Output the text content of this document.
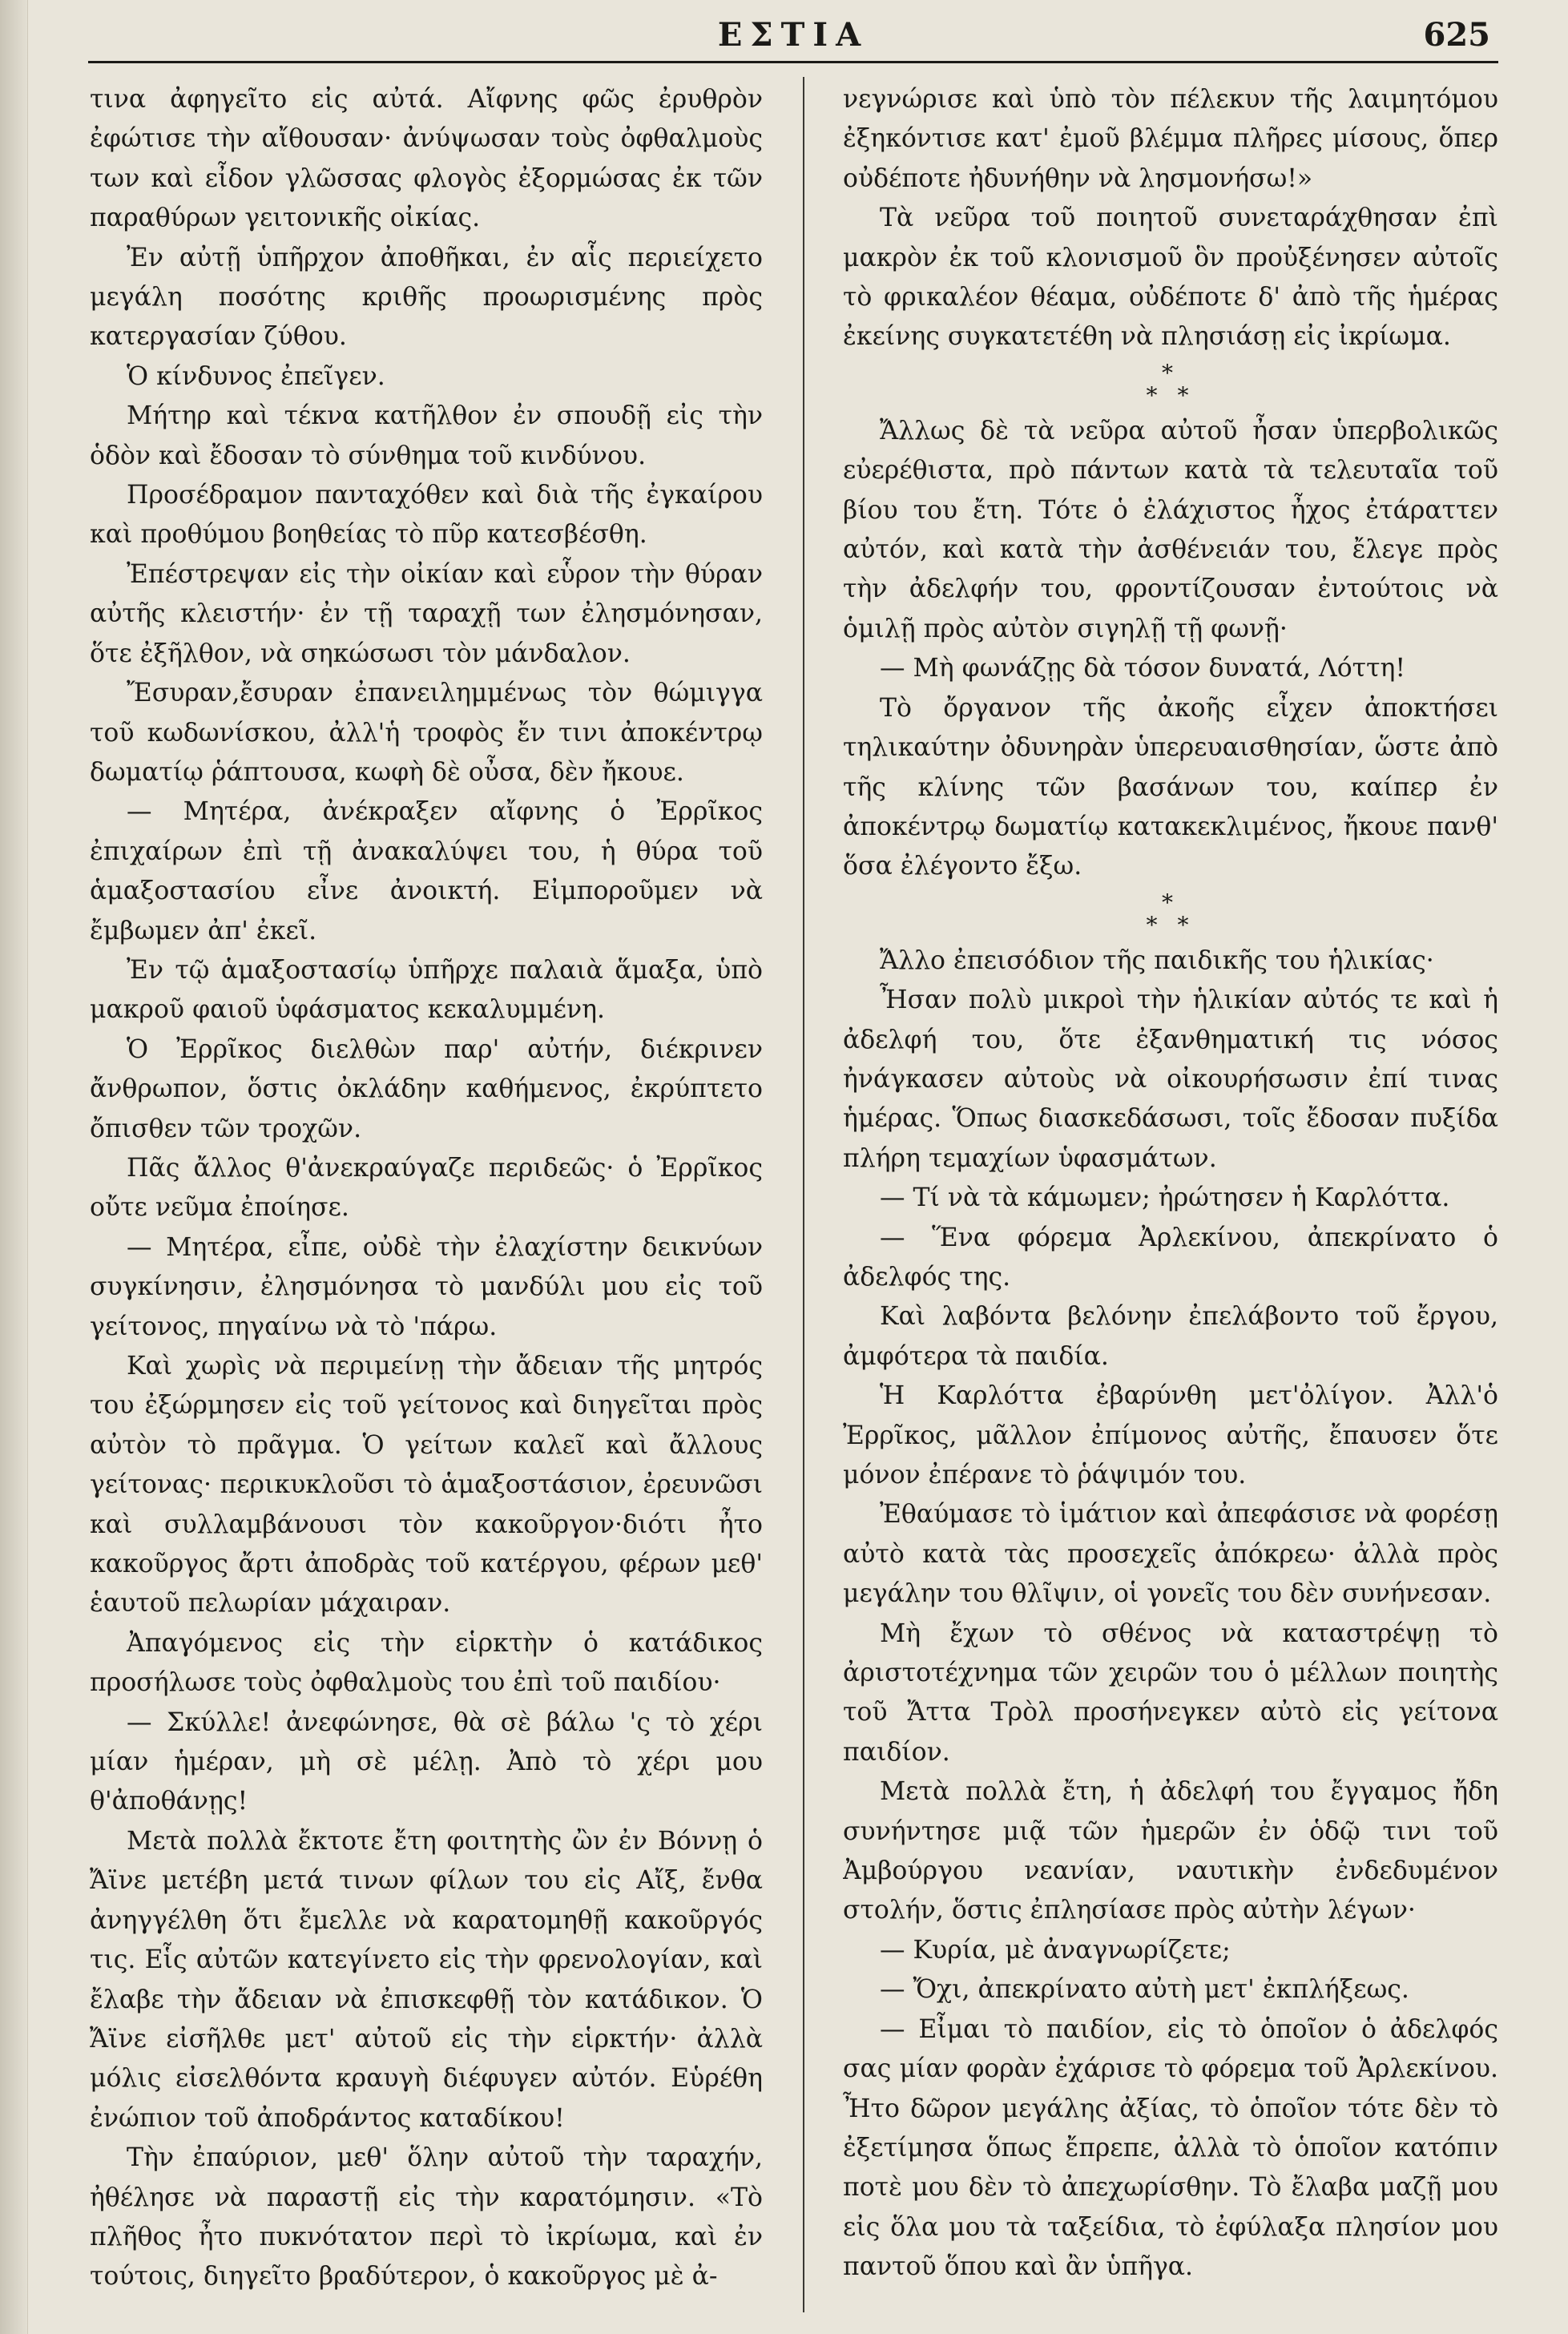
ΕΣΤΙΑ	625

τινα ἀφηγεῖτο εἰς αὐτά. Αἴφνης φῶς ἐρυθρὸν ἐφώτισε τὴν αἴθουσαν· ἀνύψωσαν τοὺς ὀφθαλμοὺς των καὶ εἶδον γλῶσσας φλογὸς ἐξορμώσας ἐκ τῶν παραθύρων γειτονικῆς οἰκίας.

Ἐν αὐτῇ ὑπῆρχον ἀποθῆκαι, ἐν αἷς περιείχετο μεγάλη ποσότης κριθῆς προωρισμένης πρὸς κατεργασίαν ζύθου.

Ὁ κίνδυνος ἐπεῖγεν.

Μήτηρ καὶ τέκνα κατῆλθον ἐν σπουδῇ εἰς τὴν ὁδὸν καὶ ἔδοσαν τὸ σύνθημα τοῦ κινδύνου.

Προσέδραμον πανταχόθεν καὶ διὰ τῆς ἐγκαίρου καὶ προθύμου βοηθείας τὸ πῦρ κατεσβέσθη.

Ἐπέστρεψαν εἰς τὴν οἰκίαν καὶ εὗρον τὴν θύραν αὐτῆς κλειστήν· ἐν τῇ ταραχῇ των ἐλησμόνησαν, ὅτε ἐξῆλθον, νὰ σηκώσωσι τὸν μάνδαλον.

Ἔσυραν,ἔσυραν ἐπανειλημμένως τὸν θώμιγγα τοῦ κωδωνίσκου, ἀλλ'ἡ τροφὸς ἔν τινι ἀποκέντρῳ δωματίῳ ῥάπτουσα, κωφὴ δὲ οὖσα, δὲν ἤκουε.

— Μητέρα, ἀνέκραξεν αἴφνης ὁ Ἐρρῖκος ἐπιχαίρων ἐπὶ τῇ ἀνακαλύψει του, ἡ θύρα τοῦ ἁμαξοστασίου εἶνε ἀνοικτή. Εἰμποροῦμεν νὰ ἔμβωμεν ἀπ' ἐκεῖ.

Ἐν τῷ ἁμαξοστασίῳ ὑπῆρχε παλαιὰ ἅμαξα, ὑπὸ μακροῦ φαιοῦ ὑφάσματος κεκαλυμμένη.

Ὁ Ἐρρῖκος διελθὼν παρ' αὐτήν, διέκρινεν ἄνθρωπον, ὅστις ὀκλάδην καθήμενος, ἐκρύπτετο ὄπισθεν τῶν τροχῶν.

Πᾶς ἄλλος θ'ἀνεκραύγαζε περιδεῶς· ὁ Ἐρρῖκος οὔτε νεῦμα ἐποίησε.

— Μητέρα, εἶπε, οὐδὲ τὴν ἐλαχίστην δεικνύων συγκίνησιν, ἐλησμόνησα τὸ μανδύλι μου εἰς τοῦ γείτονος, πηγαίνω νὰ τὸ 'πάρω.

Καὶ χωρὶς νὰ περιμείνῃ τὴν ἄδειαν τῆς μητρός του ἐξώρμησεν εἰς τοῦ γείτονος καὶ διηγεῖται πρὸς αὐτὸν τὸ πρᾶγμα. Ὁ γείτων καλεῖ καὶ ἄλλους γείτονας· περικυκλοῦσι τὸ ἁμαξοστάσιον, ἐρευνῶσι καὶ συλλαμβάνουσι τὸν κακοῦργον·διότι ἦτο κακοῦργος ἄρτι ἀποδρὰς τοῦ κατέργου, φέρων μεθ' ἑαυτοῦ πελωρίαν μάχαιραν.

Ἀπαγόμενος εἰς τὴν εἱρκτὴν ὁ κατάδικος προσήλωσε τοὺς ὀφθαλμοὺς του ἐπὶ τοῦ παιδίου·

— Σκύλλε! ἀνεφώνησε, θὰ σὲ βάλω 'ς τὸ χέρι μίαν ἡμέραν, μὴ σὲ μέλῃ. Ἀπὸ τὸ χέρι μου θ'ἀποθάνῃς!

Μετὰ πολλὰ ἔκτοτε ἔτη φοιτητὴς ὢν ἐν Βόννῃ ὁ Ἄϊνε μετέβη μετά τινων φίλων του εἰς Αἴξ, ἔνθα ἀνηγγέλθη ὅτι ἔμελλε νὰ καρατομηθῇ κακοῦργός τις. Εἷς αὐτῶν κατεγίνετο εἰς τὴν φρενολογίαν, καὶ ἔλαβε τὴν ἄδειαν νὰ ἐπισκεφθῇ τὸν κατάδικον. Ὁ Ἄϊνε εἰσῆλθε μετ' αὐτοῦ εἰς τὴν εἱρκτήν· ἀλλὰ μόλις εἰσελθόντα κραυγὴ διέφυγεν αὐτόν. Εὑρέθη ἐνώπιον τοῦ ἀποδράντος καταδίκου!

Τὴν ἐπαύριον, μεθ' ὅλην αὐτοῦ τὴν ταραχήν, ἠθέλησε νὰ παραστῇ εἰς τὴν καρατόμησιν. «Τὸ πλῆθος ἦτο πυκνότατον περὶ τὸ ἰκρίωμα, καὶ ἐν τούτοις, διηγεῖτο βραδύτερον, ὁ κακοῦργος μὲ ἀ-

νεγνώρισε καὶ ὑπὸ τὸν πέλεκυν τῆς λαιμητόμου ἐξηκόντισε κατ' ἐμοῦ βλέμμα πλῆρες μίσους, ὅπερ οὐδέποτε ἠδυνήθην νὰ λησμονήσω!»

Τὰ νεῦρα τοῦ ποιητοῦ συνεταράχθησαν ἐπὶ μακρὸν ἐκ τοῦ κλονισμοῦ ὃν προὐξένησεν αὐτοῖς τὸ φρικαλέον θέαμα, οὐδέποτε δ' ἀπὸ τῆς ἡμέρας ἐκείνης συγκατετέθη νὰ πλησιάσῃ εἰς ἰκρίωμα.

*
* *

Ἄλλως δὲ τὰ νεῦρα αὐτοῦ ἦσαν ὑπερβολικῶς εὐερέθιστα, πρὸ πάντων κατὰ τὰ τελευταῖα τοῦ βίου του ἔτη. Τότε ὁ ἐλάχιστος ἦχος ἐτάραττεν αὐτόν, καὶ κατὰ τὴν ἀσθένειάν του, ἔλεγε πρὸς τὴν ἀδελφήν του, φροντίζουσαν ἐντούτοις νὰ ὁμιλῇ πρὸς αὐτὸν σιγηλῇ τῇ φωνῇ·

— Μὴ φωνάζῃς δὰ τόσον δυνατά, Λόττη!

Τὸ ὄργανον τῆς ἀκοῆς εἶχεν ἀποκτήσει τηλικαύτην ὀδυνηρὰν ὑπερευαισθησίαν, ὥστε ἀπὸ τῆς κλίνης τῶν βασάνων του, καίπερ ἐν ἀποκέντρῳ δωματίῳ κατακεκλιμένος, ἤκουε πανθ' ὅσα ἐλέγοντο ἔξω.

*
* *

Ἄλλο ἐπεισόδιον τῆς παιδικῆς του ἡλικίας·

Ἦσαν πολὺ μικροὶ τὴν ἡλικίαν αὐτός τε καὶ ἡ ἀδελφή του, ὅτε ἐξανθηματική τις νόσος ἠνάγκασεν αὐτοὺς νὰ οἰκουρήσωσιν ἐπί τινας ἡμέρας. Ὅπως διασκεδάσωσι, τοῖς ἔδοσαν πυξίδα πλήρη τεμαχίων ὑφασμάτων.

— Τί νὰ τὰ κάμωμεν; ἠρώτησεν ἡ Καρλόττα.

— Ἕνα φόρεμα Ἀρλεκίνου, ἀπεκρίνατο ὁ ἀδελφός της.

Καὶ λαβόντα βελόνην ἐπελάβοντο τοῦ ἔργου, ἀμφότερα τὰ παιδία.

Ἡ Καρλόττα ἐβαρύνθη μετ'ὀλίγον. Ἀλλ'ὁ Ἐρρῖκος, μᾶλλον ἐπίμονος αὐτῆς, ἔπαυσεν ὅτε μόνον ἐπέρανε τὸ ῥάψιμόν του.

Ἐθαύμασε τὸ ἱμάτιον καὶ ἀπεφάσισε νὰ φορέσῃ αὐτὸ κατὰ τὰς προσεχεῖς ἀπόκρεω· ἀλλὰ πρὸς μεγάλην του θλῖψιν, οἱ γονεῖς του δὲν συνήνεσαν.

Μὴ ἔχων τὸ σθένος νὰ καταστρέψῃ τὸ ἀριστοτέχνημα τῶν χειρῶν του ὁ μέλλων ποιητὴς τοῦ Ἄττα Τρὸλ προσήνεγκεν αὐτὸ εἰς γείτονα παιδίον.

Μετὰ πολλὰ ἔτη, ἡ ἀδελφή του ἔγγαμος ἤδη συνήντησε μιᾷ τῶν ἡμερῶν ἐν ὁδῷ τινι τοῦ Ἀμβούργου νεανίαν, ναυτικὴν ἐνδεδυμένον στολήν, ὅστις ἐπλησίασε πρὸς αὐτὴν λέγων·

— Κυρία, μὲ ἀναγνωρίζετε;

— Ὄχι, ἀπεκρίνατο αὐτὴ μετ' ἐκπλήξεως.

— Εἶμαι τὸ παιδίον, εἰς τὸ ὁποῖον ὁ ἀδελφός σας μίαν φορὰν ἐχάρισε τὸ φόρεμα τοῦ Ἀρλεκίνου. Ἦτο δῶρον μεγάλης ἀξίας, τὸ ὁποῖον τότε δὲν τὸ ἐξετίμησα ὅπως ἔπρεπε, ἀλλὰ τὸ ὁποῖον κατόπιν ποτὲ μου δὲν τὸ ἀπεχωρίσθην. Τὸ ἔλαβα μαζῇ μου εἰς ὅλα μου τὰ ταξείδια, τὸ ἐφύλαξα πλησίον μου παντοῦ ὅπου καὶ ἂν ὑπῆγα.
